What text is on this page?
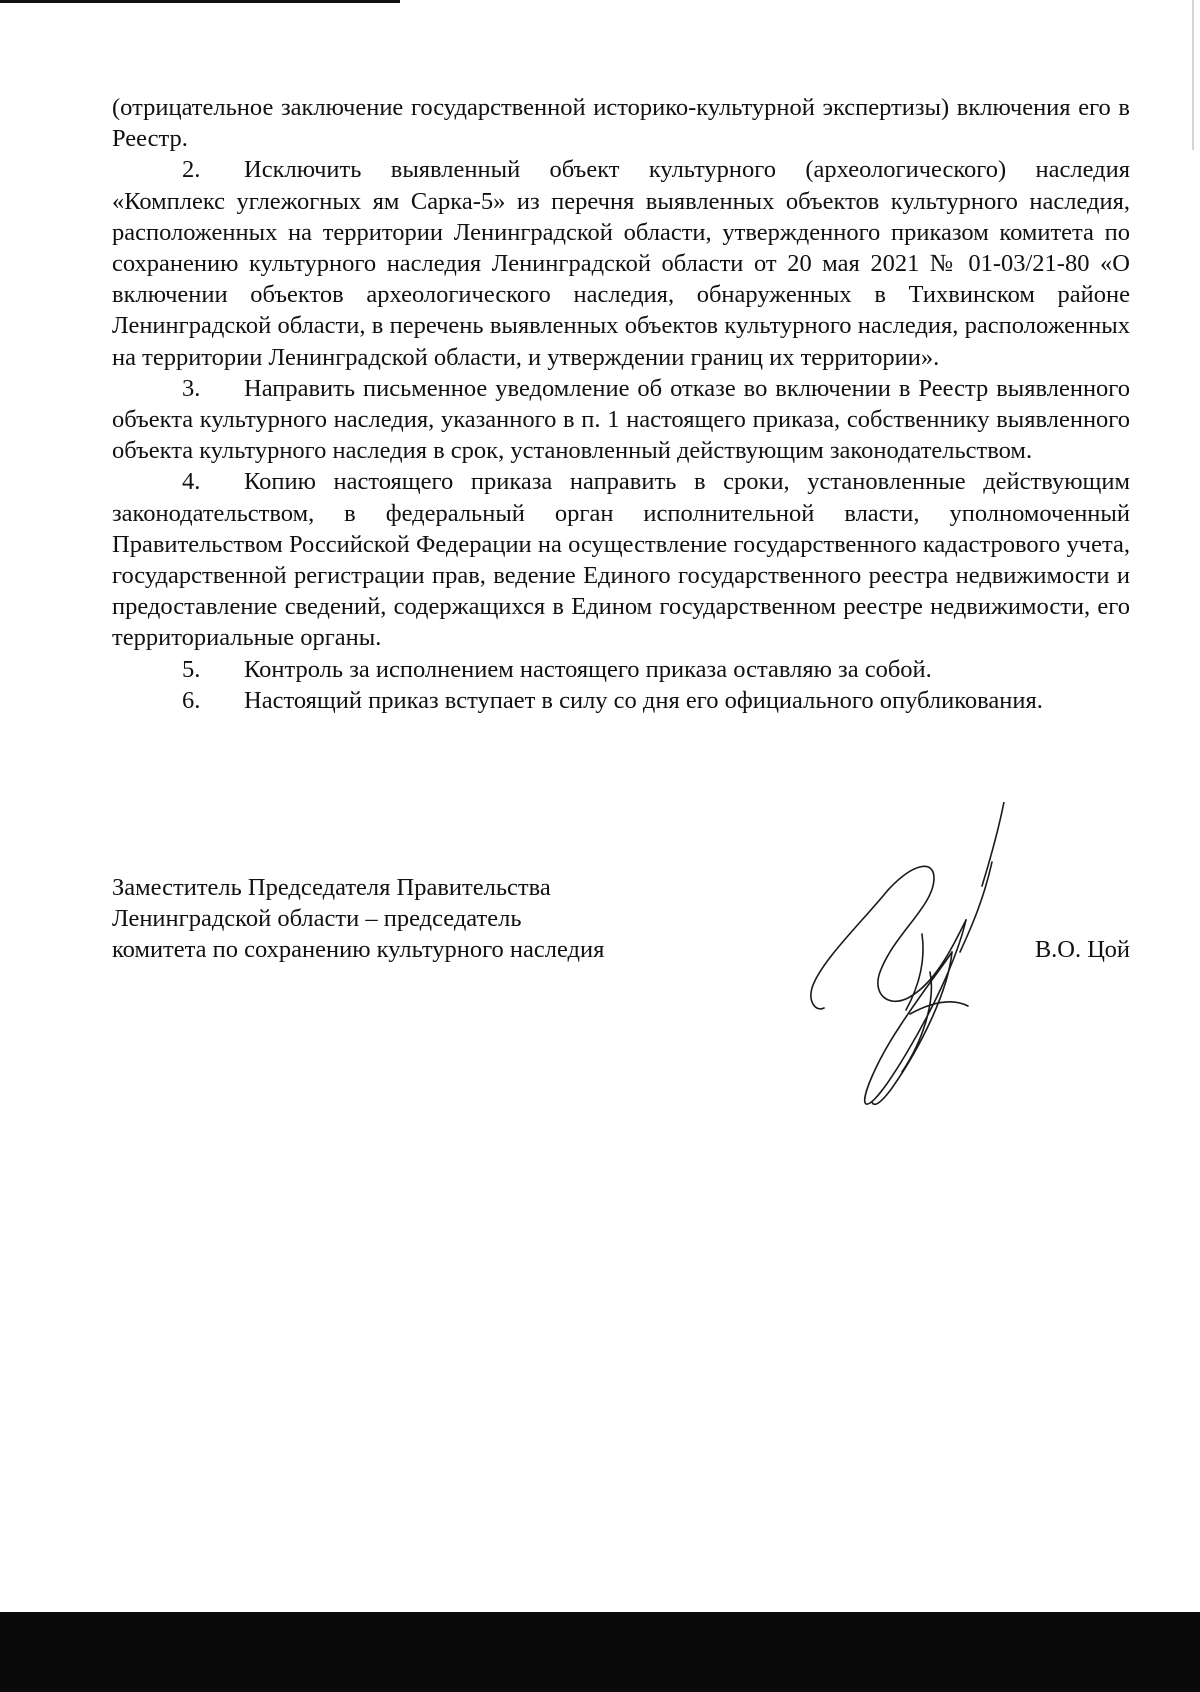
(отрицательное заключение государственной историко-культурной экспертизы) включения его в Реестр.

2. Исключить выявленный объект культурного (археологического) наследия «Комплекс углежогных ям Сарка-5» из перечня выявленных объектов культурного наследия, расположенных на территории Ленинградской области, утвержденного приказом комитета по сохранению культурного наследия Ленинградской области от 20 мая 2021 № 01-03/21-80 «О включении объектов археологического наследия, обнаруженных в Тихвинском районе Ленинградской области, в перечень выявленных объектов культурного наследия, расположенных на территории Ленинградской области, и утверждении границ их территории».

3. Направить письменное уведомление об отказе во включении в Реестр выявленного объекта культурного наследия, указанного в п. 1 настоящего приказа, собственнику выявленного объекта культурного наследия в срок, установленный действующим законодательством.

4. Копию настоящего приказа направить в сроки, установленные действующим законодательством, в федеральный орган исполнительной власти, уполномоченный Правительством Российской Федерации на осуществление государственного кадастрового учета, государственной регистрации прав, ведение Единого государственного реестра недвижимости и предоставление сведений, содержащихся в Едином государственном реестре недвижимости, его территориальные органы.

5. Контроль за исполнением настоящего приказа оставляю за собой.

6. Настоящий приказ вступает в силу со дня его официального опубликования.

Заместитель Председателя Правительства
Ленинградской области – председатель
комитета по сохранению культурного наследия	В.О. Цой
